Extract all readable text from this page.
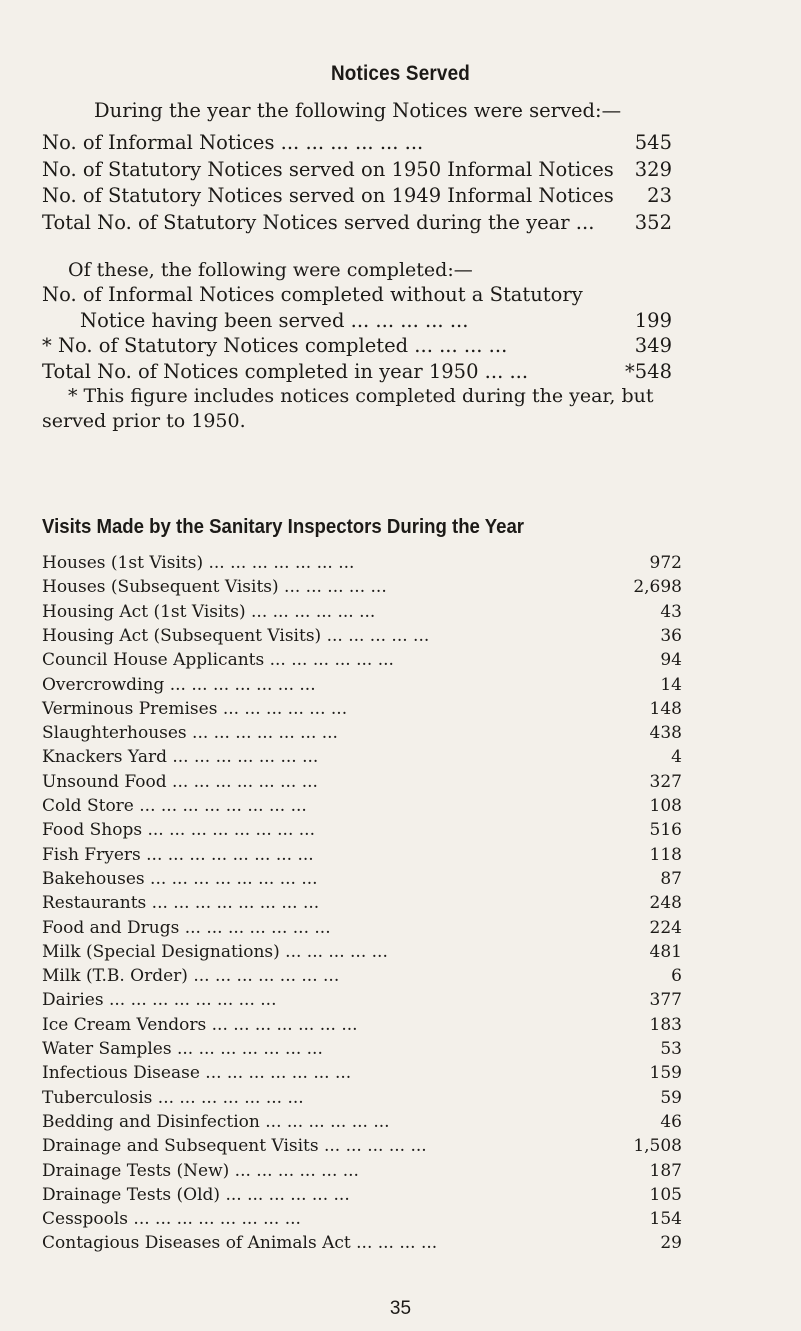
Notices Served
During the year the following Notices were served:—
No. of Informal Notices ... ... ... ... ... ...	545
No. of Statutory Notices served on 1950 Informal Notices 329
No. of Statutory Notices served on 1949 Informal Notices 23
Total No. of Statutory Notices served during the year ... 352
Of these, the following were completed:—
No. of Informal Notices completed without a Statutory
Notice having been served ... ... ... ... ...	199
* No. of Statutory Notices completed ... ... ... ...	349
Total No. of Notices completed in year 1950 ... ...	*548
* This figure includes notices completed during the year, but
served prior to 1950.
Visits Made by the Sanitary Inspectors During the Year
Houses (1st Visits) ... ... ... ... ... ... ...	972
Houses (Subsequent Visits) ... ... ... ... ...	2,698
Housing Act (1st Visits) ... ... ... ... ... ...	43
Housing Act (Subsequent Visits) ... ... ... ... ...	36
Council House Applicants ... ... ... ... ... ...	94
Overcrowding ... ... ... ... ... ... ...	14
Verminous Premises ... ... ... ... ... ...	148
Slaughterhouses ... ... ... ... ... ... ...	438
Knackers Yard ... ... ... ... ... ... ...	4
Unsound Food ... ... ... ... ... ... ...	327
Cold Store ... ... ... ... ... ... ... ...	108
Food Shops ... ... ... ... ... ... ... ...	516
Fish Fryers ... ... ... ... ... ... ... ...	118
Bakehouses ... ... ... ... ... ... ... ...	87
Restaurants ... ... ... ... ... ... ... ...	248
Food and Drugs ... ... ... ... ... ... ...	224
Milk (Special Designations) ... ... ... ... ...	481
Milk (T.B. Order) ... ... ... ... ... ... ...	6
Dairies ... ... ... ... ... ... ... ...	377
Ice Cream Vendors ... ... ... ... ... ... ...	183
Water Samples ... ... ... ... ... ... ...	53
Infectious Disease ... ... ... ... ... ... ...	159
Tuberculosis ... ... ... ... ... ... ...	59
Bedding and Disinfection ... ... ... ... ... ...	46
Drainage and Subsequent Visits ... ... ... ... ...	1,508
Drainage Tests (New) ... ... ... ... ... ...	187
Drainage Tests (Old) ... ... ... ... ... ...	105
Cesspools ... ... ... ... ... ... ... ...	154
Contagious Diseases of Animals Act ... ... ... ...	29
35
